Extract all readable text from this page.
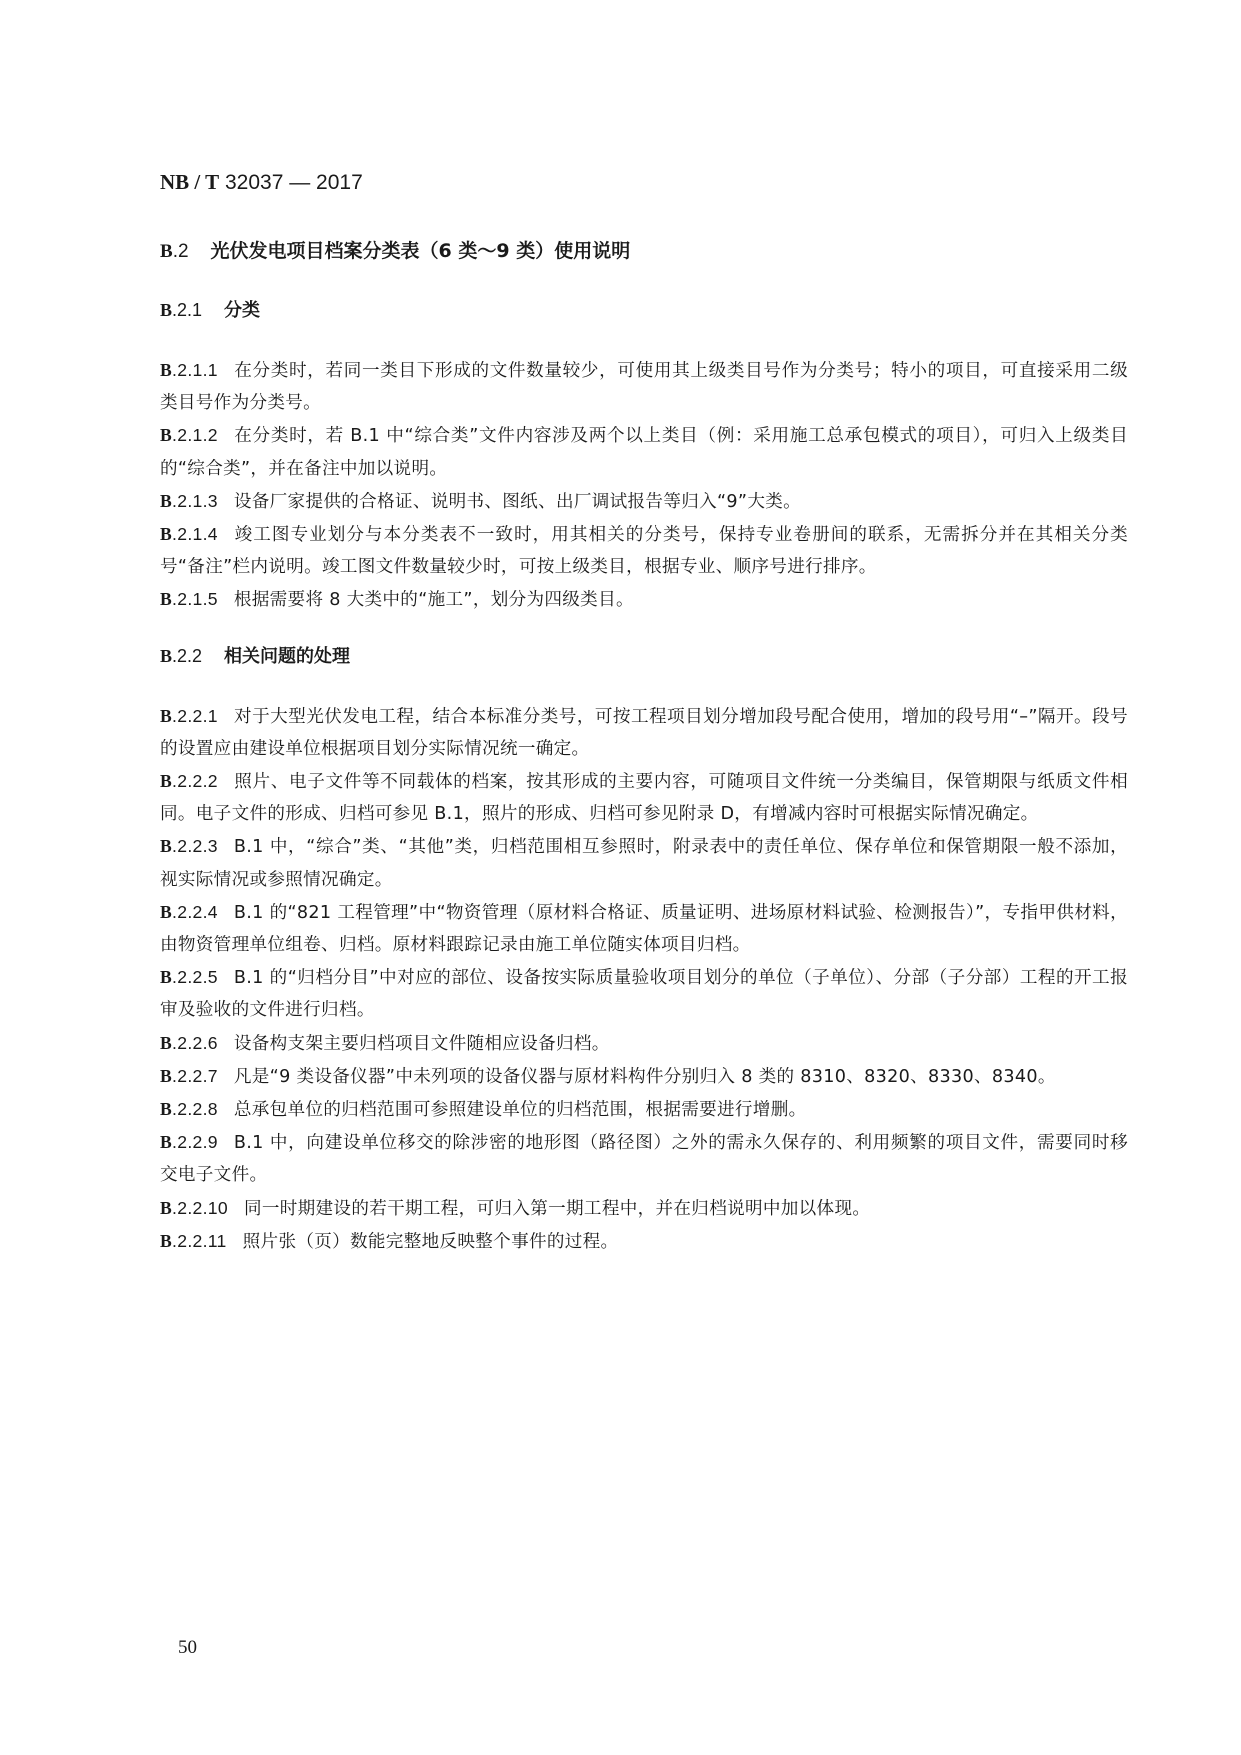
NB / T 32037 — 2017
B.2 光伏发电项目档案分类表（6 类～9 类）使用说明
B.2.1 分类

B.2.1.1 在分类时，若同一类目下形成的文件数量较少，可使用其上级类目号作为分类号；特小的项目，可直接采用二级类目号作为分类号。

B.2.1.2 在分类时，若 B.1 中“综合类”文件内容涉及两个以上类目（例：采用施工总承包模式的项目），可归入上级类目的“综合类”，并在备注中加以说明。

B.2.1.3 设备厂家提供的合格证、说明书、图纸、出厂调试报告等归入“9”大类。

B.2.1.4 竣工图专业划分与本分类表不一致时，用其相关的分类号，保持专业卷册间的联系，无需拆分并在其相关分类号“备注”栏内说明。竣工图文件数量较少时，可按上级类目，根据专业、顺序号进行排序。

B.2.1.5 根据需要将 8 大类中的“施工”，划分为四级类目。

B.2.2 相关问题的处理

B.2.2.1 对于大型光伏发电工程，结合本标准分类号，可按工程项目划分增加段号配合使用，增加的段号用“–”隔开。段号的设置应由建设单位根据项目划分实际情况统一确定。

B.2.2.2 照片、电子文件等不同载体的档案，按其形成的主要内容，可随项目文件统一分类编目，保管期限与纸质文件相同。电子文件的形成、归档可参见 B.1，照片的形成、归档可参见附录 D，有增减内容时可根据实际情况确定。

B.2.2.3 B.1 中，“综合”类、“其他”类，归档范围相互参照时，附录表中的责任单位、保存单位和保管期限一般不添加，视实际情况或参照情况确定。

B.2.2.4 B.1 的“821 工程管理”中“物资管理（原材料合格证、质量证明、进场原材料试验、检测报告）”，专指甲供材料，由物资管理单位组卷、归档。原材料跟踪记录由施工单位随实体项目归档。

B.2.2.5 B.1 的“归档分目”中对应的部位、设备按实际质量验收项目划分的单位（子单位）、分部（子分部）工程的开工报审及验收的文件进行归档。

B.2.2.6 设备构支架主要归档项目文件随相应设备归档。

B.2.2.7 凡是“9 类设备仪器”中未列项的设备仪器与原材料构件分别归入 8 类的 8310、8320、8330、8340。

B.2.2.8 总承包单位的归档范围可参照建设单位的归档范围，根据需要进行增删。

B.2.2.9 B.1 中，向建设单位移交的除涉密的地形图（路径图）之外的需永久保存的、利用频繁的项目文件，需要同时移交电子文件。

B.2.2.10 同一时期建设的若干期工程，可归入第一期工程中，并在归档说明中加以体现。

B.2.2.11 照片张（页）数能完整地反映整个事件的过程。

50
